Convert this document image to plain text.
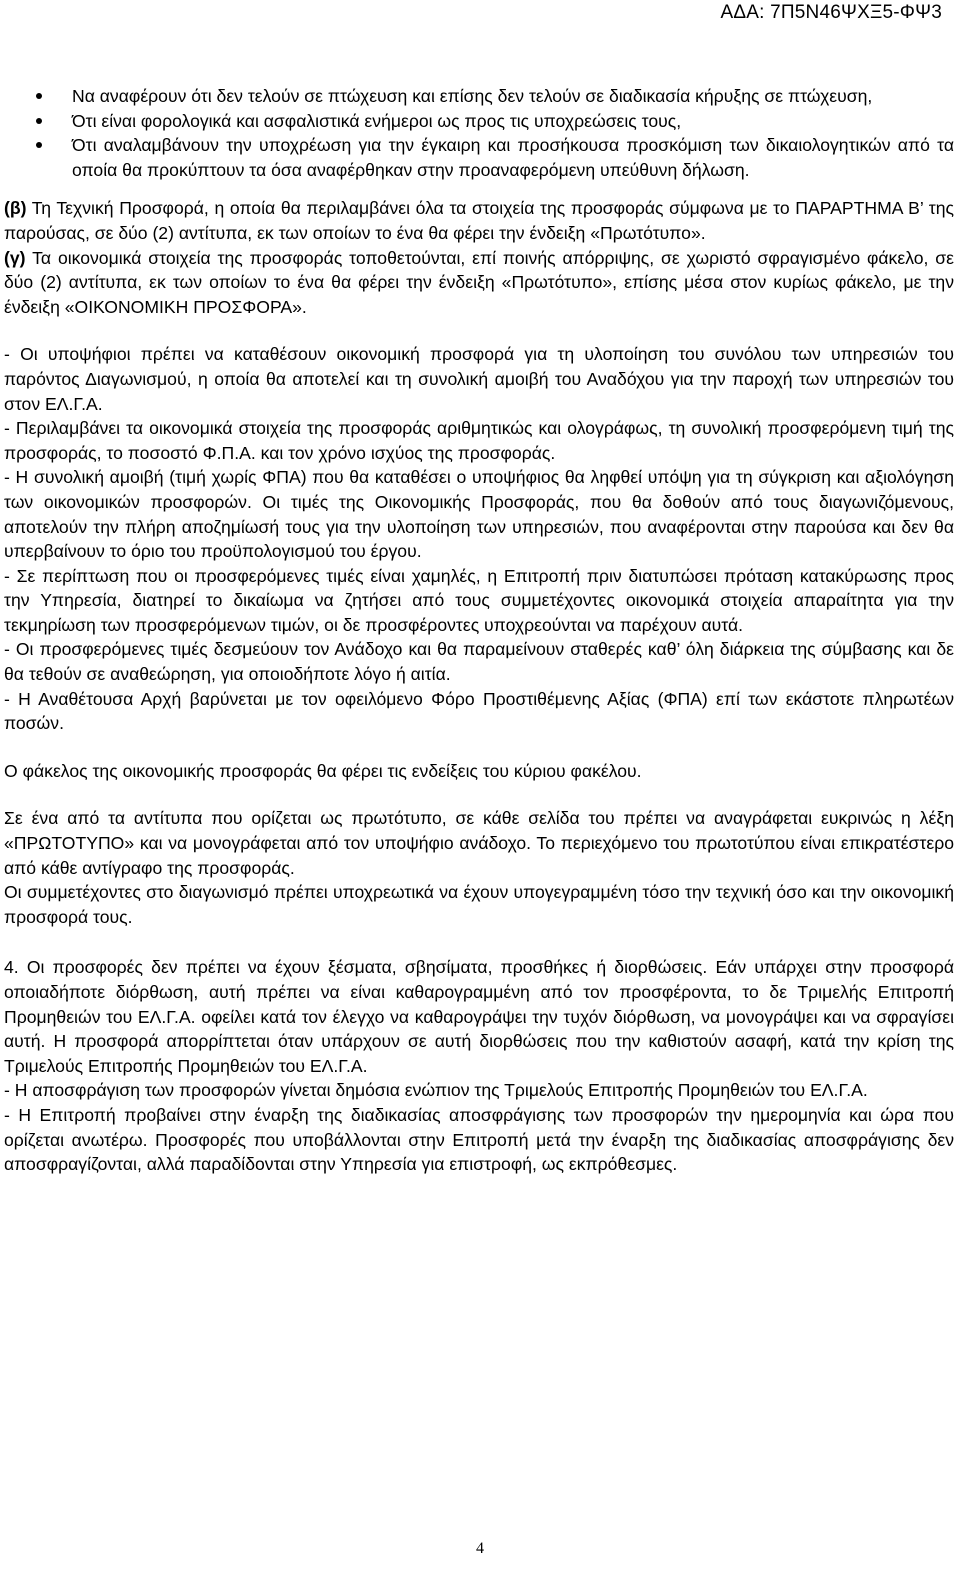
ΑΔΑ: 7Π5Ν46ΨΧΞ5-ΦΨ3
Να αναφέρουν ότι δεν τελούν σε πτώχευση και επίσης δεν τελούν σε διαδικασία κήρυξης σε πτώχευση,
Ότι είναι φορολογικά και ασφαλιστικά ενήμεροι ως προς τις υποχρεώσεις τους,
Ότι αναλαμβάνουν την υποχρέωση για την έγκαιρη και προσήκουσα προσκόμιση των δικαιολογητικών από τα οποία θα προκύπτουν τα όσα αναφέρθηκαν στην προαναφερόμενη υπεύθυνη δήλωση.

(β) Τη Τεχνική Προσφορά, η οποία θα περιλαμβάνει όλα τα στοιχεία της προσφοράς σύμφωνα με το ΠΑΡΑΡΤΗΜΑ Β’ της παρούσας, σε δύο (2) αντίτυπα, εκ των οποίων το ένα θα φέρει την ένδειξη «Πρωτότυπο».

(γ) Τα οικονομικά στοιχεία της προσφοράς τοποθετούνται, επί ποινής απόρριψης, σε χωριστό σφραγισμένο φάκελο, σε δύο (2) αντίτυπα, εκ των οποίων το ένα θα φέρει την ένδειξη «Πρωτότυπο», επίσης μέσα στον κυρίως φάκελο, με την ένδειξη «ΟΙΚΟΝΟΜΙΚΗ ΠΡΟΣΦΟΡΑ».

- Οι υποψήφιοι πρέπει να καταθέσουν οικονομική προσφορά για τη υλοποίηση του συνόλου των υπηρεσιών του παρόντος Διαγωνισμού, η οποία θα αποτελεί και τη συνολική αμοιβή του Αναδόχου για την παροχή των υπηρεσιών του στον ΕΛ.Γ.Α.

- Περιλαμβάνει τα οικονομικά στοιχεία της προσφοράς αριθμητικώς και ολογράφως, τη συνολική προσφερόμενη τιμή της προσφοράς, το ποσοστό Φ.Π.Α. και τον χρόνο ισχύος της προσφοράς.

- Η συνολική αμοιβή (τιμή χωρίς ΦΠΑ) που θα καταθέσει ο υποψήφιος θα ληφθεί υπόψη για τη σύγκριση και αξιολόγηση των οικονομικών προσφορών. Οι τιμές της Οικονομικής Προσφοράς, που θα δοθούν από τους διαγωνιζόμενους, αποτελούν την πλήρη αποζημίωσή τους για την υλοποίηση των υπηρεσιών, που αναφέρονται στην παρούσα και δεν θα υπερβαίνουν το όριο του προϋπολογισμού του έργου.

- Σε περίπτωση που οι προσφερόμενες τιμές είναι χαμηλές, η Επιτροπή πριν διατυπώσει πρόταση κατακύρωσης προς την Υπηρεσία, διατηρεί το δικαίωμα να ζητήσει από τους συμμετέχοντες οικονομικά στοιχεία απαραίτητα για την τεκμηρίωση των προσφερόμενων τιμών, οι δε προσφέροντες υποχρεούνται να παρέχουν αυτά.

- Οι προσφερόμενες τιμές δεσμεύουν τον Ανάδοχο και θα παραμείνουν σταθερές καθ’ όλη διάρκεια της σύμβασης και δε θα τεθούν σε αναθεώρηση, για οποιοδήποτε λόγο ή αιτία.

- Η Αναθέτουσα Αρχή βαρύνεται με τον οφειλόμενο Φόρο Προστιθέμενης Αξίας (ΦΠΑ) επί των εκάστοτε πληρωτέων ποσών.

Ο φάκελος της οικονομικής προσφοράς θα φέρει τις ενδείξεις του κύριου φακέλου.

Σε ένα από τα αντίτυπα που ορίζεται ως πρωτότυπο, σε κάθε σελίδα του πρέπει να αναγράφεται ευκρινώς η λέξη «ΠΡΩΤΟΤΥΠΟ» και να μονογράφεται από τον υποψήφιο ανάδοχο. Το περιεχόμενο του πρωτοτύπου είναι επικρατέστερο από κάθε αντίγραφο της προσφοράς.

Οι συμμετέχοντες στο διαγωνισμό πρέπει υποχρεωτικά να έχουν υπογεγραμμένη τόσο την τεχνική όσο και την οικονομική προσφορά τους.

4. Οι προσφορές δεν πρέπει να έχουν ξέσματα, σβησίματα, προσθήκες ή διορθώσεις. Εάν υπάρχει στην προσφορά οποιαδήποτε διόρθωση, αυτή πρέπει να είναι καθαρογραμμένη από τον προσφέροντα, το δε Τριμελής Επιτροπή Προμηθειών του ΕΛ.Γ.Α. οφείλει κατά τον έλεγχο να καθαρογράψει την τυχόν διόρθωση, να μονογράψει και να σφραγίσει αυτή. Η προσφορά απορρίπτεται όταν υπάρχουν σε αυτή διορθώσεις που την καθιστούν ασαφή, κατά την κρίση της Τριμελούς Επιτροπής Προμηθειών του ΕΛ.Γ.Α.

- Η αποσφράγιση των προσφορών γίνεται δημόσια ενώπιον της Τριμελούς Επιτροπής Προμηθειών του ΕΛ.Γ.Α.

- Η Επιτροπή προβαίνει στην έναρξη της διαδικασίας αποσφράγισης των προσφορών την ημερομηνία και ώρα που ορίζεται ανωτέρω. Προσφορές που υποβάλλονται στην Επιτροπή μετά την έναρξη της διαδικασίας αποσφράγισης δεν αποσφραγίζονται, αλλά παραδίδονται στην Υπηρεσία για επιστροφή, ως εκπρόθεσμες.

4
